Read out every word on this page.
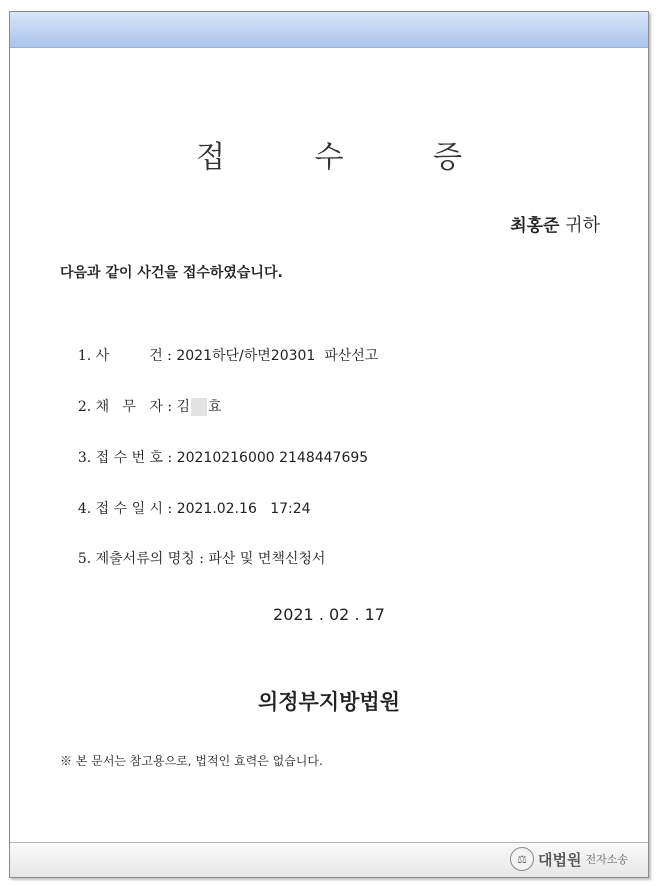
접 수 증
최홍준 귀하
다음과 같이 사건을 접수하였습니다.

1. 사         건 : 2021하단/하면20301  파산선고

2. 채   무   자 : 김 효

3. 접 수 번 호 : 20210216000 2148447695

4. 접 수 일 시 : 2021.02.16   17:24

5. 제출서류의 명칭 : 파산 및 면책신청서

2021 . 02 . 17
의정부지방법원
※ 본 문서는 참고용으로, 법적인 효력은 없습니다.
⚖ 대법원 전자소송
